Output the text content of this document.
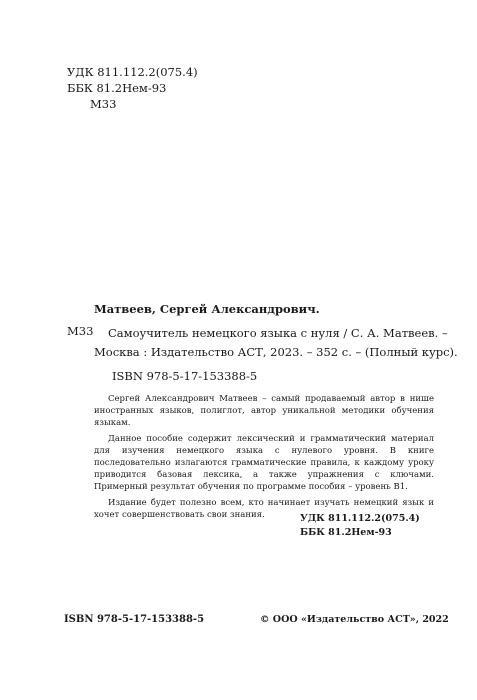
УДК 811.112.2(075.4)
ББК 81.2Нем-93
М33
Матвеев, Сергей Александрович.
М33	Самоучитель немецкого языка с нуля / С. А. Матвеев. –
Москва : Издательство АСТ, 2023. – 352 с. – (Полный курс).
ISBN 978-5-17-153388-5

Сергей Александрович Матвеев – самый продаваемый автор в нише иностранных языков, полиглот, автор уникальной методики обучения языкам.

Данное пособие содержит лексический и грамматический материал для изучения немецкого языка с нулевого уровня. В книге последовательно излагаются грамматические правила, к каждому уроку приводится базовая лексика, а также упражнения с ключами. Примерный результат обучения по программе пособия – уровень B1.

Издание будет полезно всем, кто начинает изучать немецкий язык и хочет совершенствовать свои знания.	УДК 811.112.2(075.4)
ББК 81.2Нем-93
ISBN 978-5-17-153388-5	© ООО «Издательство АСТ», 2022
